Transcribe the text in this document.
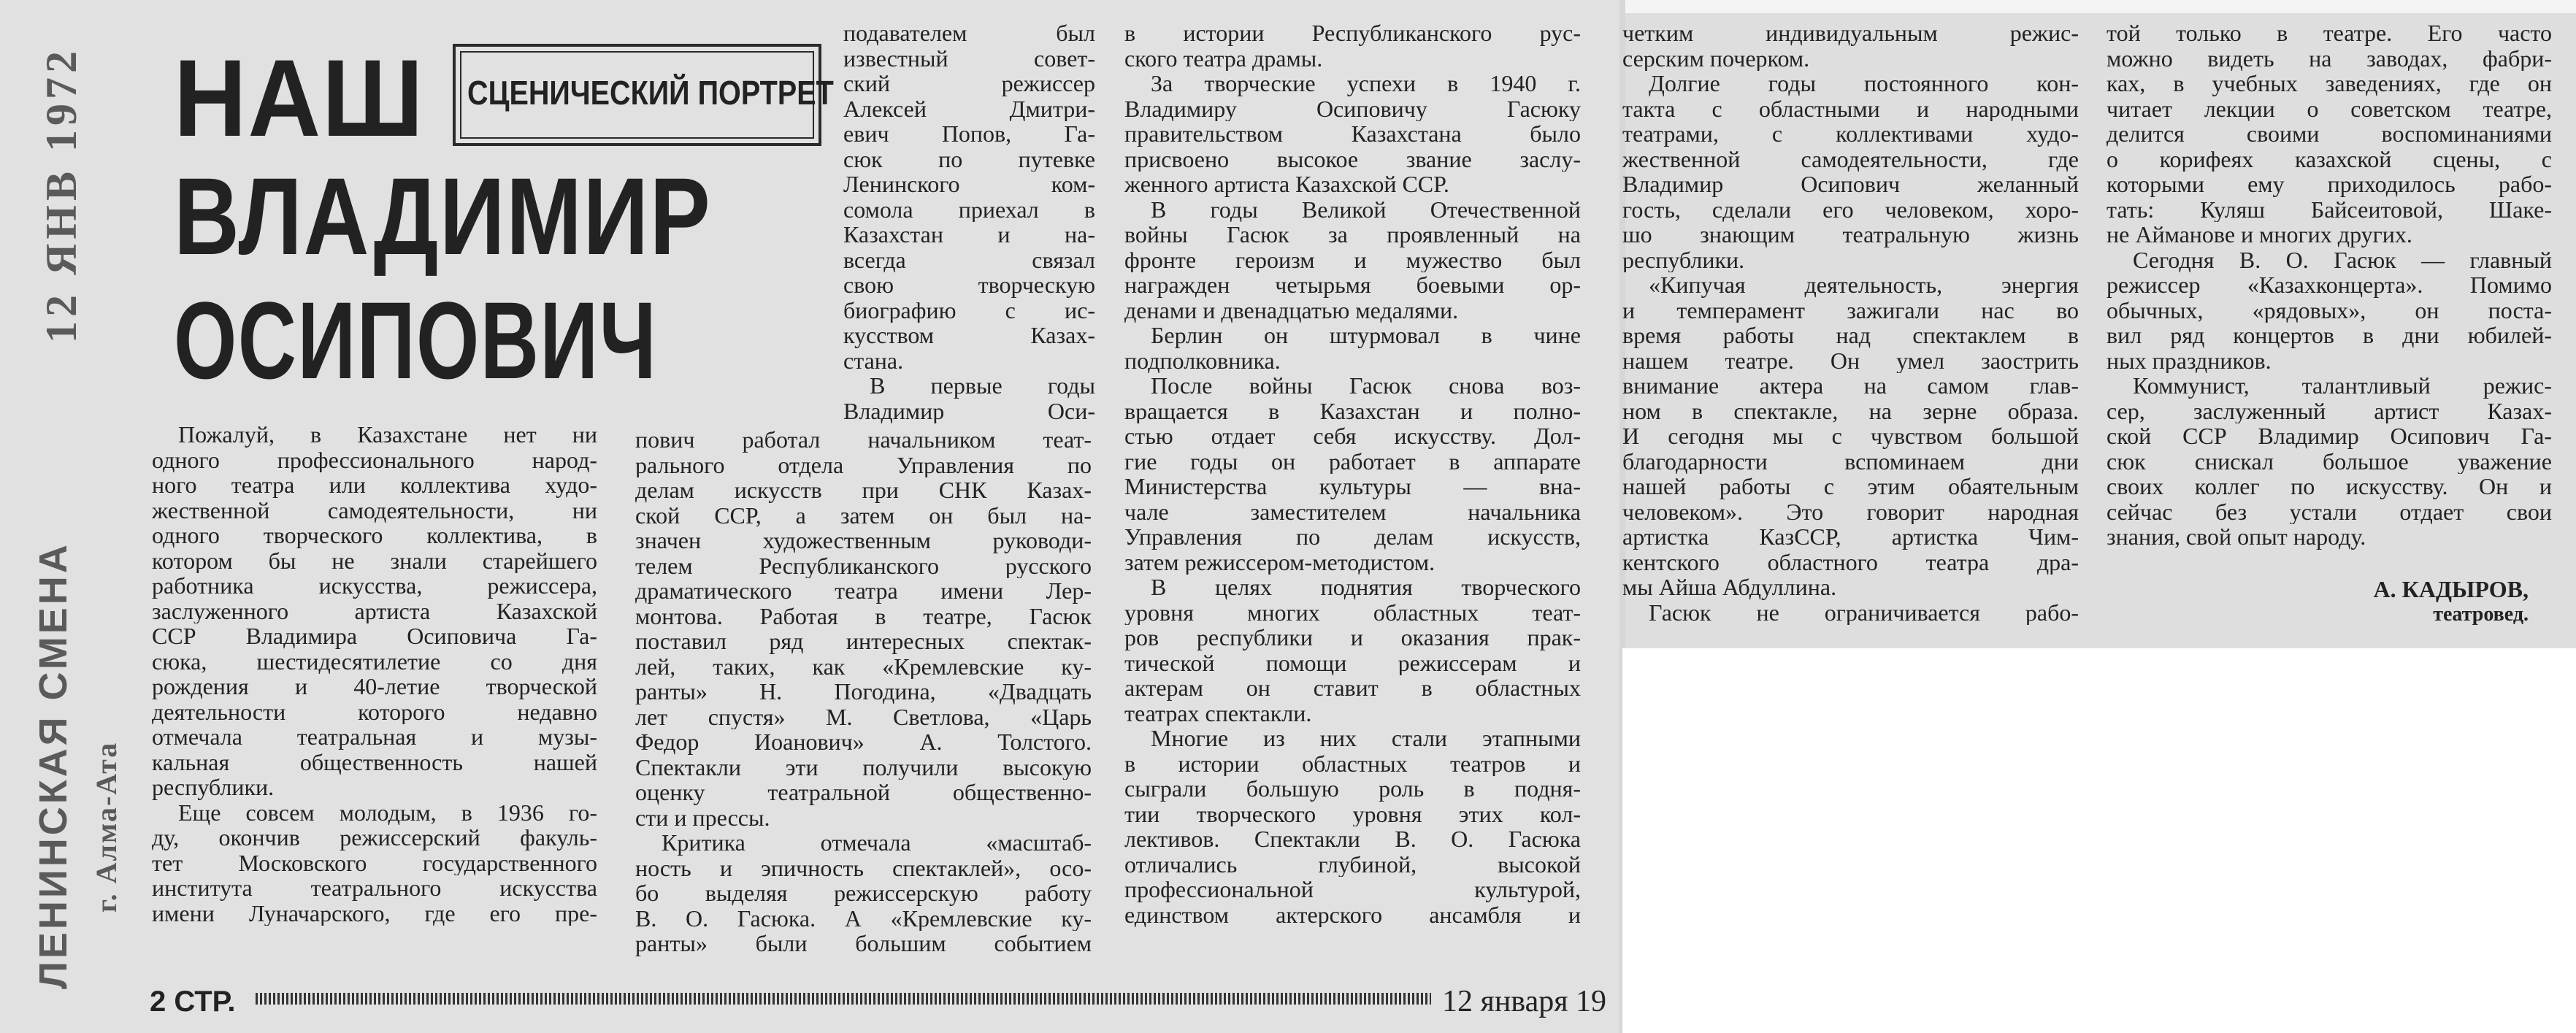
12 ЯНВ 1972
ЛЕНИНСКАЯ СМЕНА г. Алма-Ата
НАШ СЦЕНИЧЕСКИЙ ПОРТРЕТ
ВЛАДИМИР
ОСИПОВИЧ
Пожалуй, в Казахстане нет ни
одного профессионального народ-
ного театра или коллектива худо-
жественной самодеятельности, ни
одного творческого коллектива, в
котором бы не знали старейшего
работника искусства, режиссера,
заслуженного артиста Казахской
ССР Владимира Осиповича Га-
сюка, шестидесятилетие со дня
рождения и 40-летие творческой
деятельности которого недавно
отмечала театральная и музы-
кальная общественность нашей
республики.
Еще совсем молодым, в 1936 го-
ду, окончив режиссерский факуль-
тет Московского государственного
института театрального искусства
имени Луначарского, где его пре-
подавателем был
известный совет-
ский режиссер
Алексей Дмитри-
евич Попов, Га-
сюк по путевке
Ленинского ком-
сомола приехал в
Казахстан и на-
всегда связал
свою творческую
биографию с ис-
кусством Казах-
стана.
В первые годы
Владимир Оси-
пович работал начальником теат-
рального отдела Управления по
делам искусств при СНК Казах-
ской ССР, а затем он был на-
значен художественным руководи-
телем Республиканского русского
драматического театра имени Лер-
монтова. Работая в театре, Гасюк
поставил ряд интересных спектак-
лей, таких, как «Кремлевские ку-
ранты» Н. Погодина, «Двадцать
лет спустя» М. Светлова, «Царь
Федор Иоанович» А. Толстого.
Спектакли эти получили высокую
оценку театральной общественно-
сти и прессы.
Критика отмечала «масштаб-
ность и эпичность спектаклей», осо-
бо выделяя режиссерскую работу
В. О. Гасюка. А «Кремлевские ку-
ранты» были большим событием
в истории Республиканского рус-
ского театра драмы.
За творческие успехи в 1940 г.
Владимиру Осиповичу Гасюку
правительством Казахстана было
присвоено высокое звание заслу-
женного артиста Казахской ССР.
В годы Великой Отечественной
войны Гасюк за проявленный на
фронте героизм и мужество был
награжден четырьмя боевыми ор-
денами и двенадцатью медалями.
Берлин он штурмовал в чине
подполковника.
После войны Гасюк снова воз-
вращается в Казахстан и полно-
стью отдает себя искусству. Дол-
гие годы он работает в аппарате
Министерства культуры — вна-
чале заместителем начальника
Управления по делам искусств,
затем режиссером-методистом.
В целях поднятия творческого
уровня многих областных теат-
ров республики и оказания прак-
тической помощи режиссерам и
актерам он ставит в областных
театрах спектакли.
Многие из них стали этапными
в истории областных театров и
сыграли большую роль в подня-
тии творческого уровня этих кол-
лективов. Спектакли В. О. Гасюка
отличались глубиной, высокой
профессиональной культурой,
единством актерского ансамбля и
четким индивидуальным режис-
серским почерком.
Долгие годы постоянного кон-
такта с областными и народными
театрами, с коллективами худо-
жественной самодеятельности, где
Владимир Осипович желанный
гость, сделали его человеком, хоро-
шо знающим театральную жизнь
республики.
«Кипучая деятельность, энергия
и темперамент зажигали нас во
время работы над спектаклем в
нашем театре. Он умел заострить
внимание актера на самом глав-
ном в спектакле, на зерне образа.
И сегодня мы с чувством большой
благодарности вспоминаем дни
нашей работы с этим обаятельным
человеком». Это говорит народная
артистка КазССР, артистка Чим-
кентского областного театра дра-
мы Айша Абдуллина.
Гасюк не ограничивается рабо-
той только в театре. Его часто
можно видеть на заводах, фабри-
ках, в учебных заведениях, где он
читает лекции о советском театре,
делится своими воспоминаниями
о корифеях казахской сцены, с
которыми ему приходилось рабо-
тать: Куляш Байсеитовой, Шаке-
не Айманове и многих других.
Сегодня В. О. Гасюк — главный
режиссер «Казахконцерта». Помимо
обычных, «рядовых», он поста-
вил ряд концертов в дни юбилей-
ных праздников.
Коммунист, талантливый режис-
сер, заслуженный артист Казах-
ской ССР Владимир Осипович Га-
сюк снискал большое уважение
своих коллег по искусству. Он и
сейчас без устали отдает свои
знания, свой опыт народу.
А. КАДЫРОВ,
театровед.
2 СТР.	12 января 19
